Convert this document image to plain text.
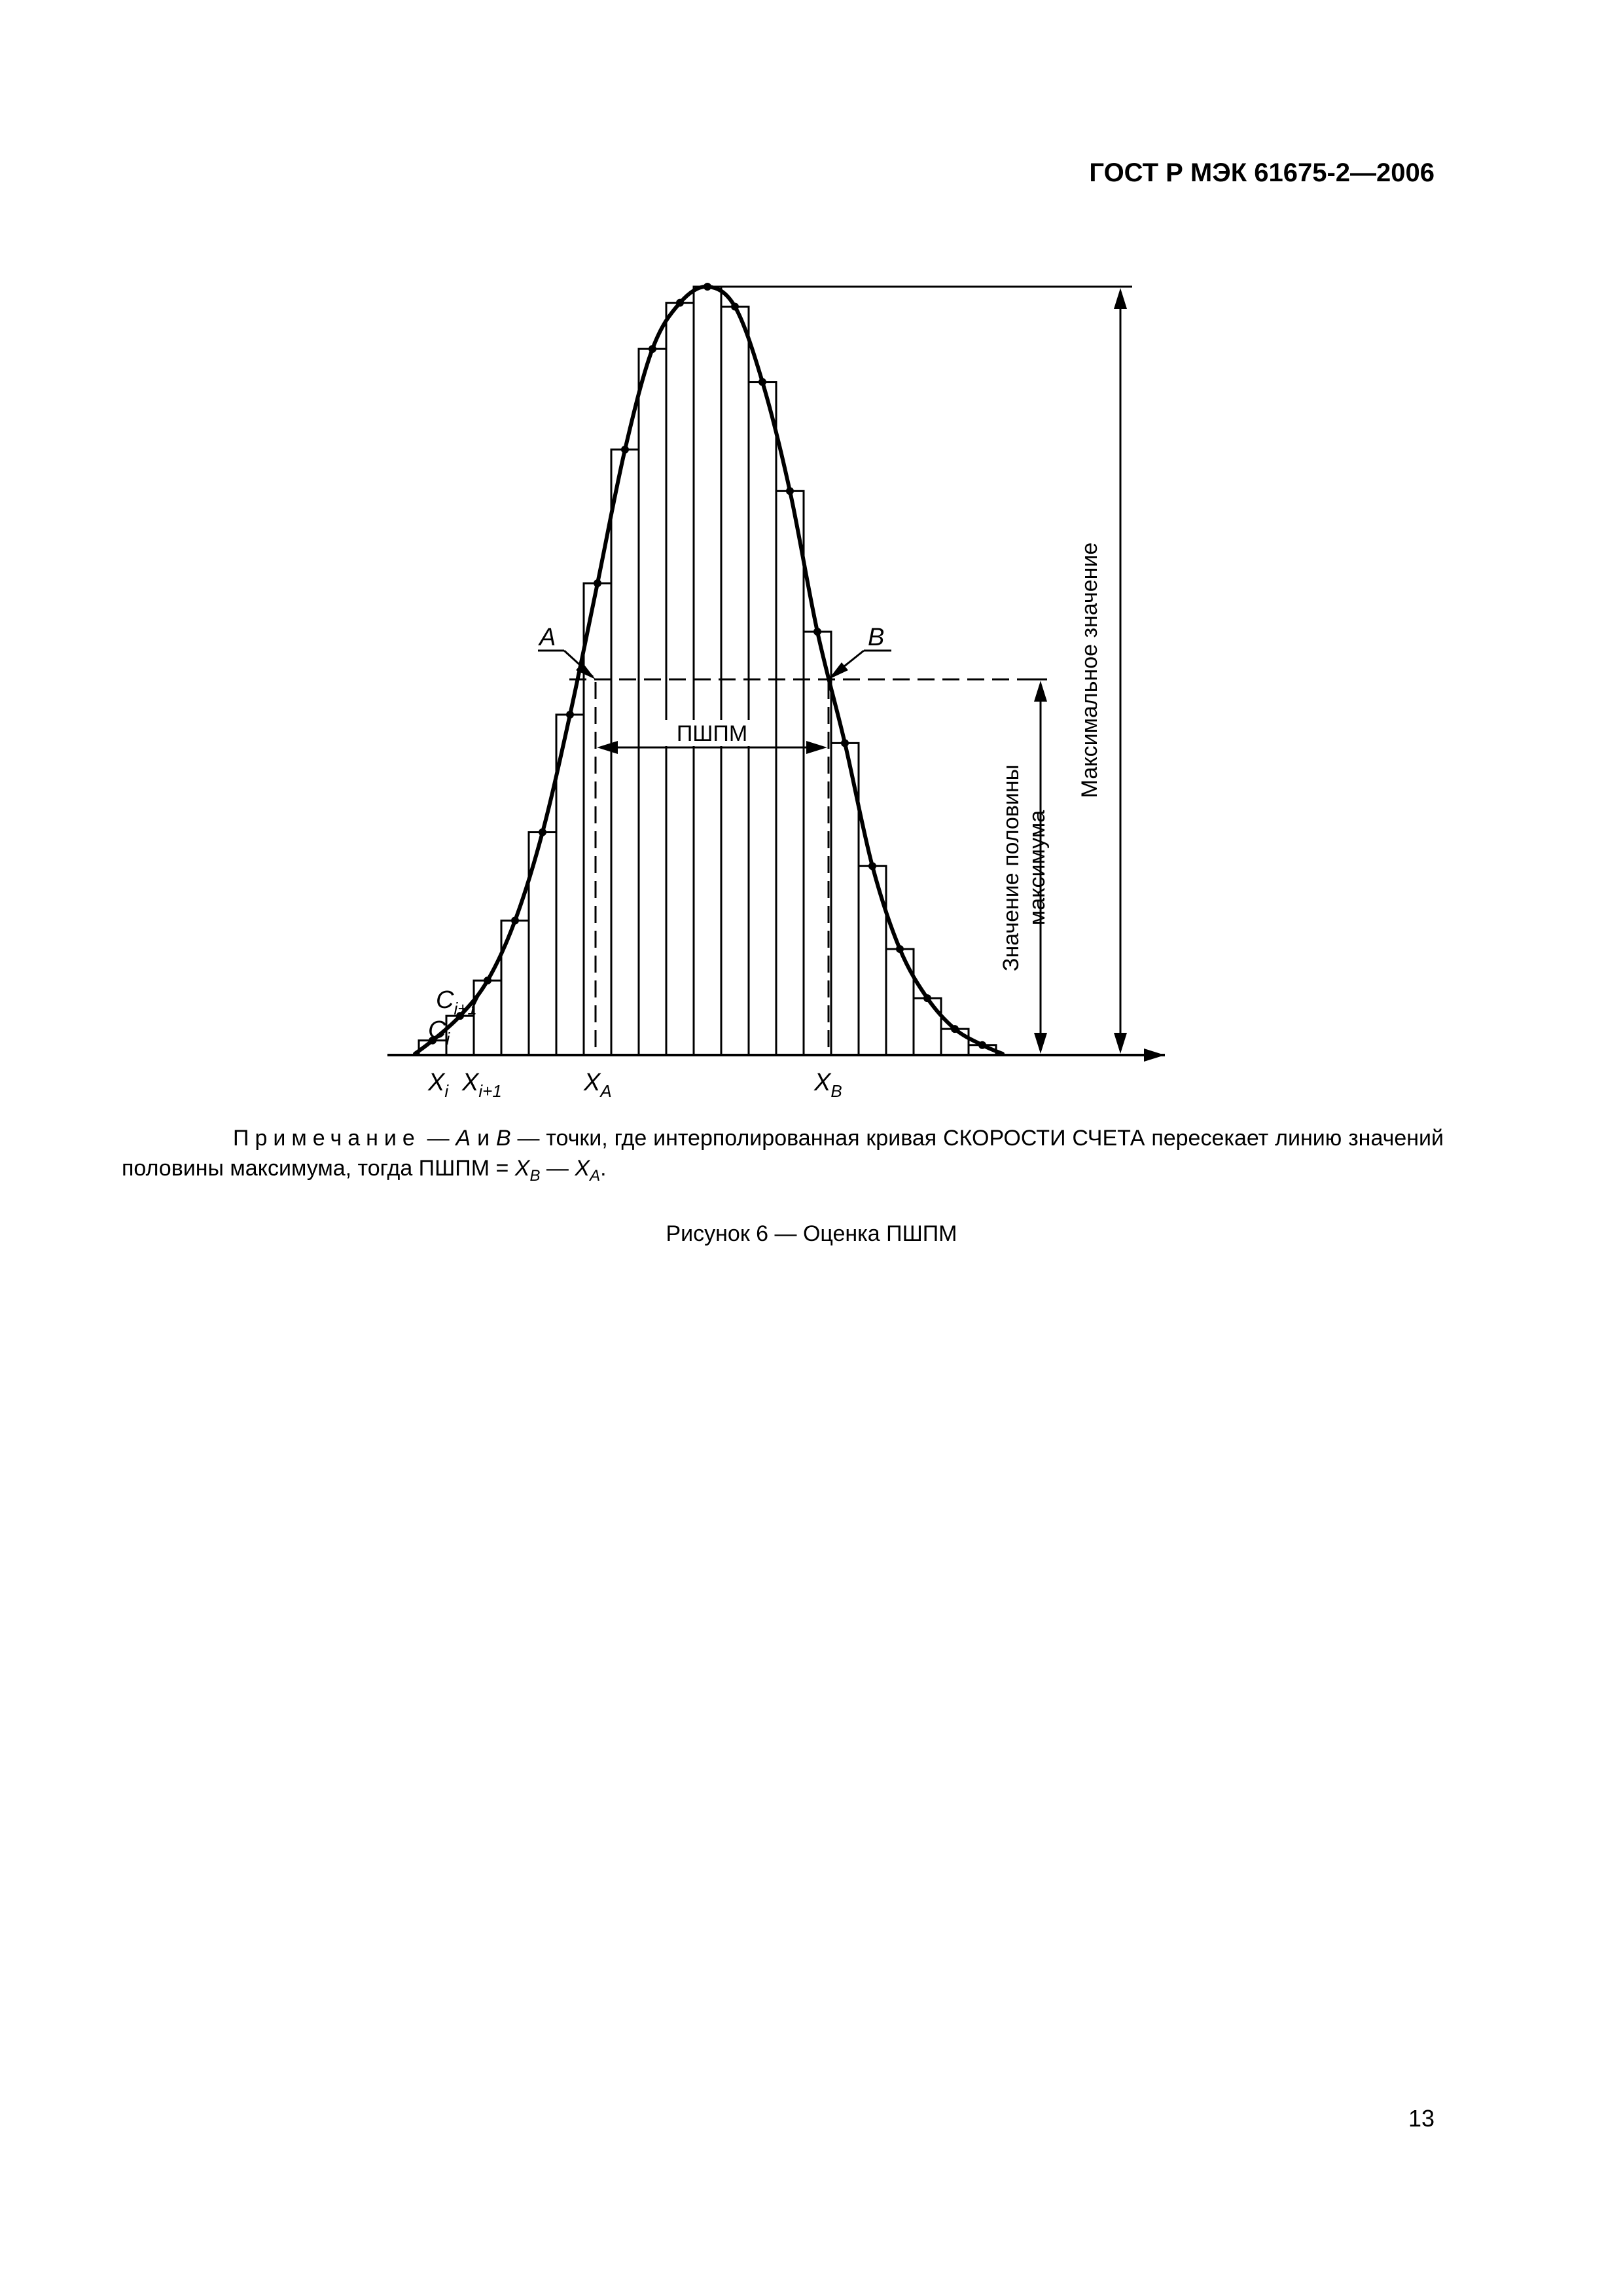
ГОСТ Р МЭК 61675-2—2006
A	B
$C_{i+1}$
$C_i$
$X_i$ $X_{i+1}$	$X_A$	$X_B$
ПШПМ
Значение половины максимума
Максимальное значение
Примечание — A и B — точки, где интерполированная кривая СКОРОСТИ СЧЕТА пересекает линию значений половины максимума, тогда ПШПМ = $X_B$ — $X_A$.
Рисунок 6 — Оценка ПШПМ
13
